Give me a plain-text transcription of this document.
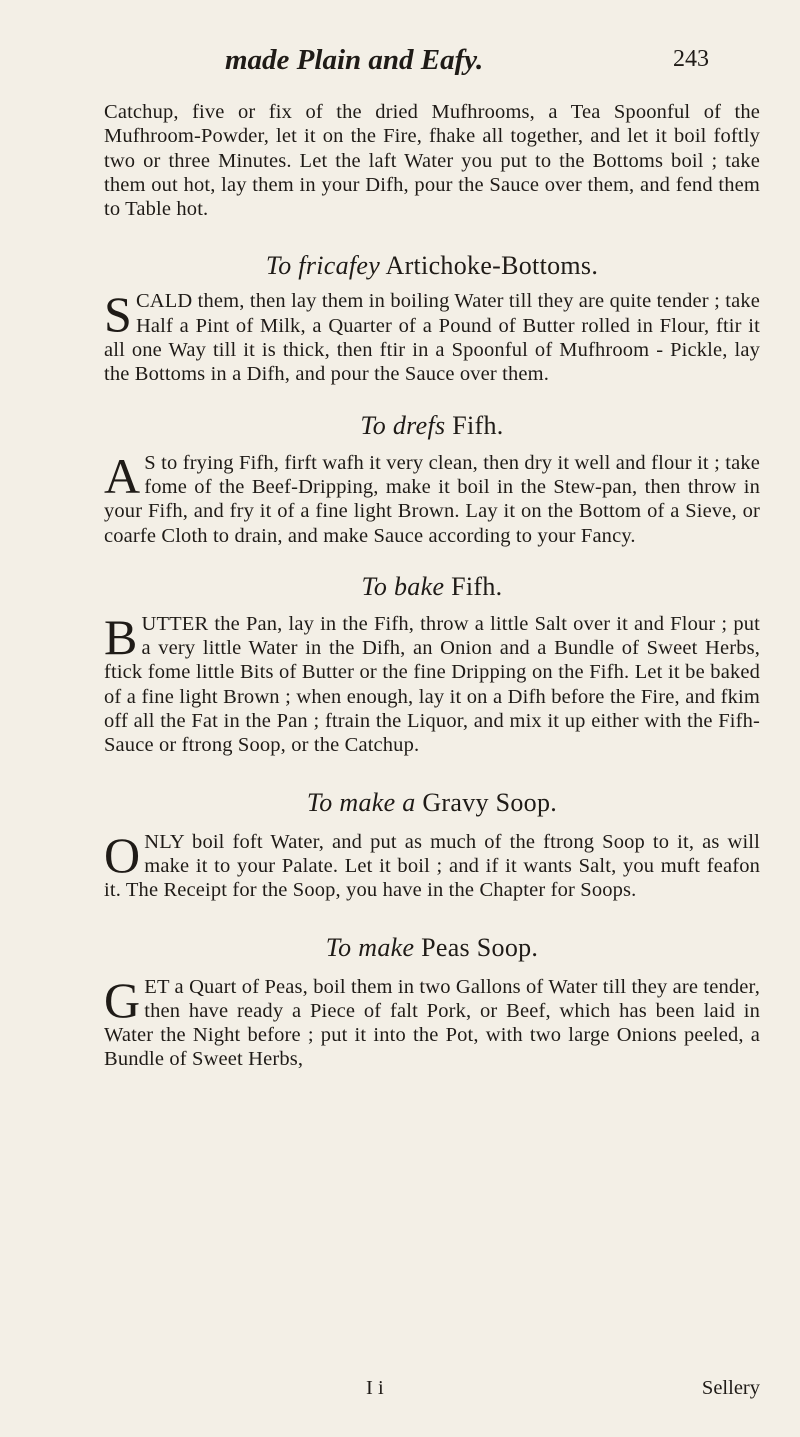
made Plain and Eafy.	243

Catchup, five or fix of the dried Mufhrooms, a Tea Spoonful of the Mufhroom-Powder, let it on the Fire, fhake all together, and let it boil foftly two or three Minutes. Let the laft Water you put to the Bottoms boil ; take them out hot, lay them in your Difh, pour the Sauce over them, and fend them to Table hot.

To fricafey Artichoke-Bottoms.

SCALD them, then lay them in boiling Water till they are quite tender ; take Half a Pint of Milk, a Quarter of a Pound of Butter rolled in Flour, ftir it all one Way till it is thick, then ftir in a Spoonful of Mufhroom - Pickle, lay the Bottoms in a Difh, and pour the Sauce over them.

To drefs Fifh.

A S to frying Fifh, firft wafh it very clean, then dry it well and flour it ; take fome of the Beef-Dripping, make it boil in the Stew-pan, then throw in your Fifh, and fry it of a fine light Brown. Lay it on the Bottom of a Sieve, or coarfe Cloth to drain, and make Sauce according to your Fancy.

To bake Fifh.

BUTTER the Pan, lay in the Fifh, throw a little Salt over it and Flour ; put a very little Water in the Difh, an Onion and a Bundle of Sweet Herbs, ftick fome little Bits of Butter or the fine Dripping on the Fifh. Let it be baked of a fine light Brown ; when enough, lay it on a Difh before the Fire, and fkim off all the Fat in the Pan ; ftrain the Liquor, and mix it up either with the Fifh-Sauce or ftrong Soop, or the Catchup.

To make a Gravy Soop.

ONLY boil foft Water, and put as much of the ftrong Soop to it, as will make it to your Palate. Let it boil ; and if it wants Salt, you muft feafon it. The Receipt for the Soop, you have in the Chapter for Soops.

To make Peas Soop.

GET a Quart of Peas, boil them in two Gallons of Water till they are tender, then have ready a Piece of falt Pork, or Beef, which has been laid in Water the Night before ; put it into the Pot, with two large Onions peeled, a Bundle of Sweet Herbs,

I i	Sellery
